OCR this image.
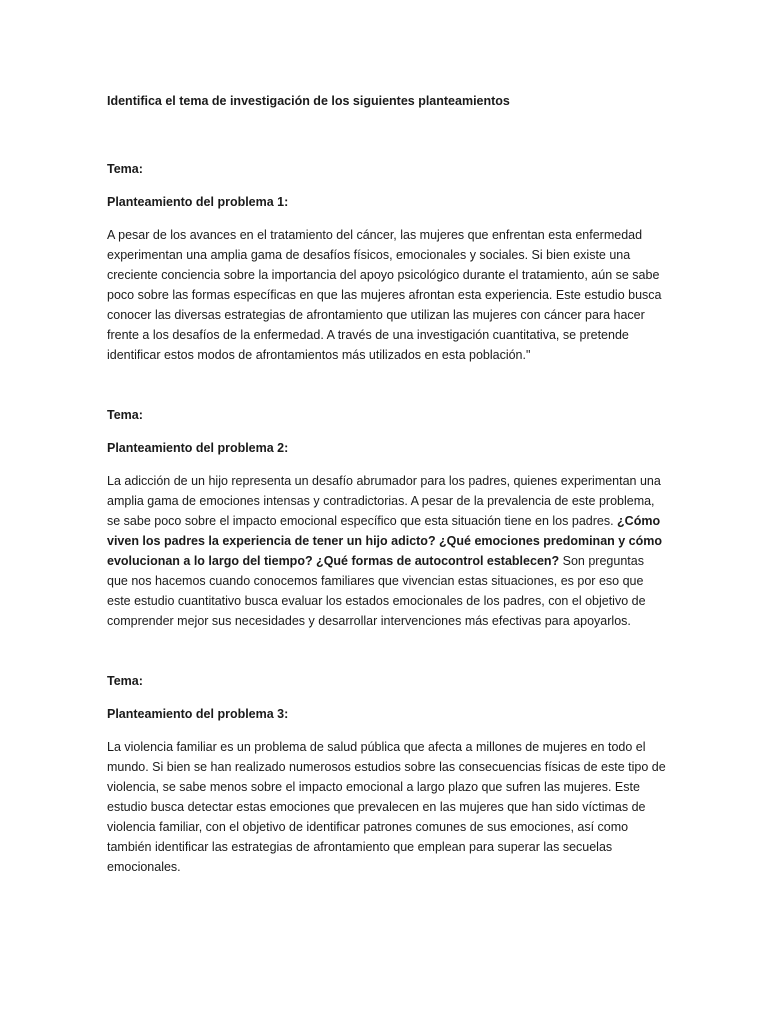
Identifica el tema de investigación de los siguientes planteamientos

Tema:

Planteamiento del problema 1:

A pesar de los avances en el tratamiento del cáncer, las mujeres que enfrentan esta enfermedad experimentan una amplia gama de desafíos físicos, emocionales y sociales. Si bien existe una creciente conciencia sobre la importancia del apoyo psicológico durante el tratamiento, aún se sabe poco sobre las formas específicas en que las mujeres afrontan esta experiencia. Este estudio busca conocer las diversas estrategias de afrontamiento que utilizan las mujeres con cáncer para hacer frente a los desafíos de la enfermedad. A través de una investigación cuantitativa, se pretende identificar estos modos de afrontamientos más utilizados en esta población."

Tema:

Planteamiento del problema 2:

La adicción de un hijo representa un desafío abrumador para los padres, quienes experimentan una amplia gama de emociones intensas y contradictorias. A pesar de la prevalencia de este problema, se sabe poco sobre el impacto emocional específico que esta situación tiene en los padres. ¿Cómo viven los padres la experiencia de tener un hijo adicto? ¿Qué emociones predominan y cómo evolucionan a lo largo del tiempo? ¿Qué formas de autocontrol establecen? Son preguntas que nos hacemos cuando conocemos familiares que vivencian estas situaciones, es por eso que este estudio cuantitativo busca evaluar los estados emocionales de los padres, con el objetivo de comprender mejor sus necesidades y desarrollar intervenciones más efectivas para apoyarlos.

Tema:

Planteamiento del problema 3:

La violencia familiar es un problema de salud pública que afecta a millones de mujeres en todo el mundo. Si bien se han realizado numerosos estudios sobre las consecuencias físicas de este tipo de violencia, se sabe menos sobre el impacto emocional a largo plazo que sufren las mujeres. Este estudio busca detectar estas emociones que prevalecen en las mujeres que han sido víctimas de violencia familiar, con el objetivo de identificar patrones comunes de sus emociones, así como también identificar las estrategias de afrontamiento que emplean para superar las secuelas emocionales.
